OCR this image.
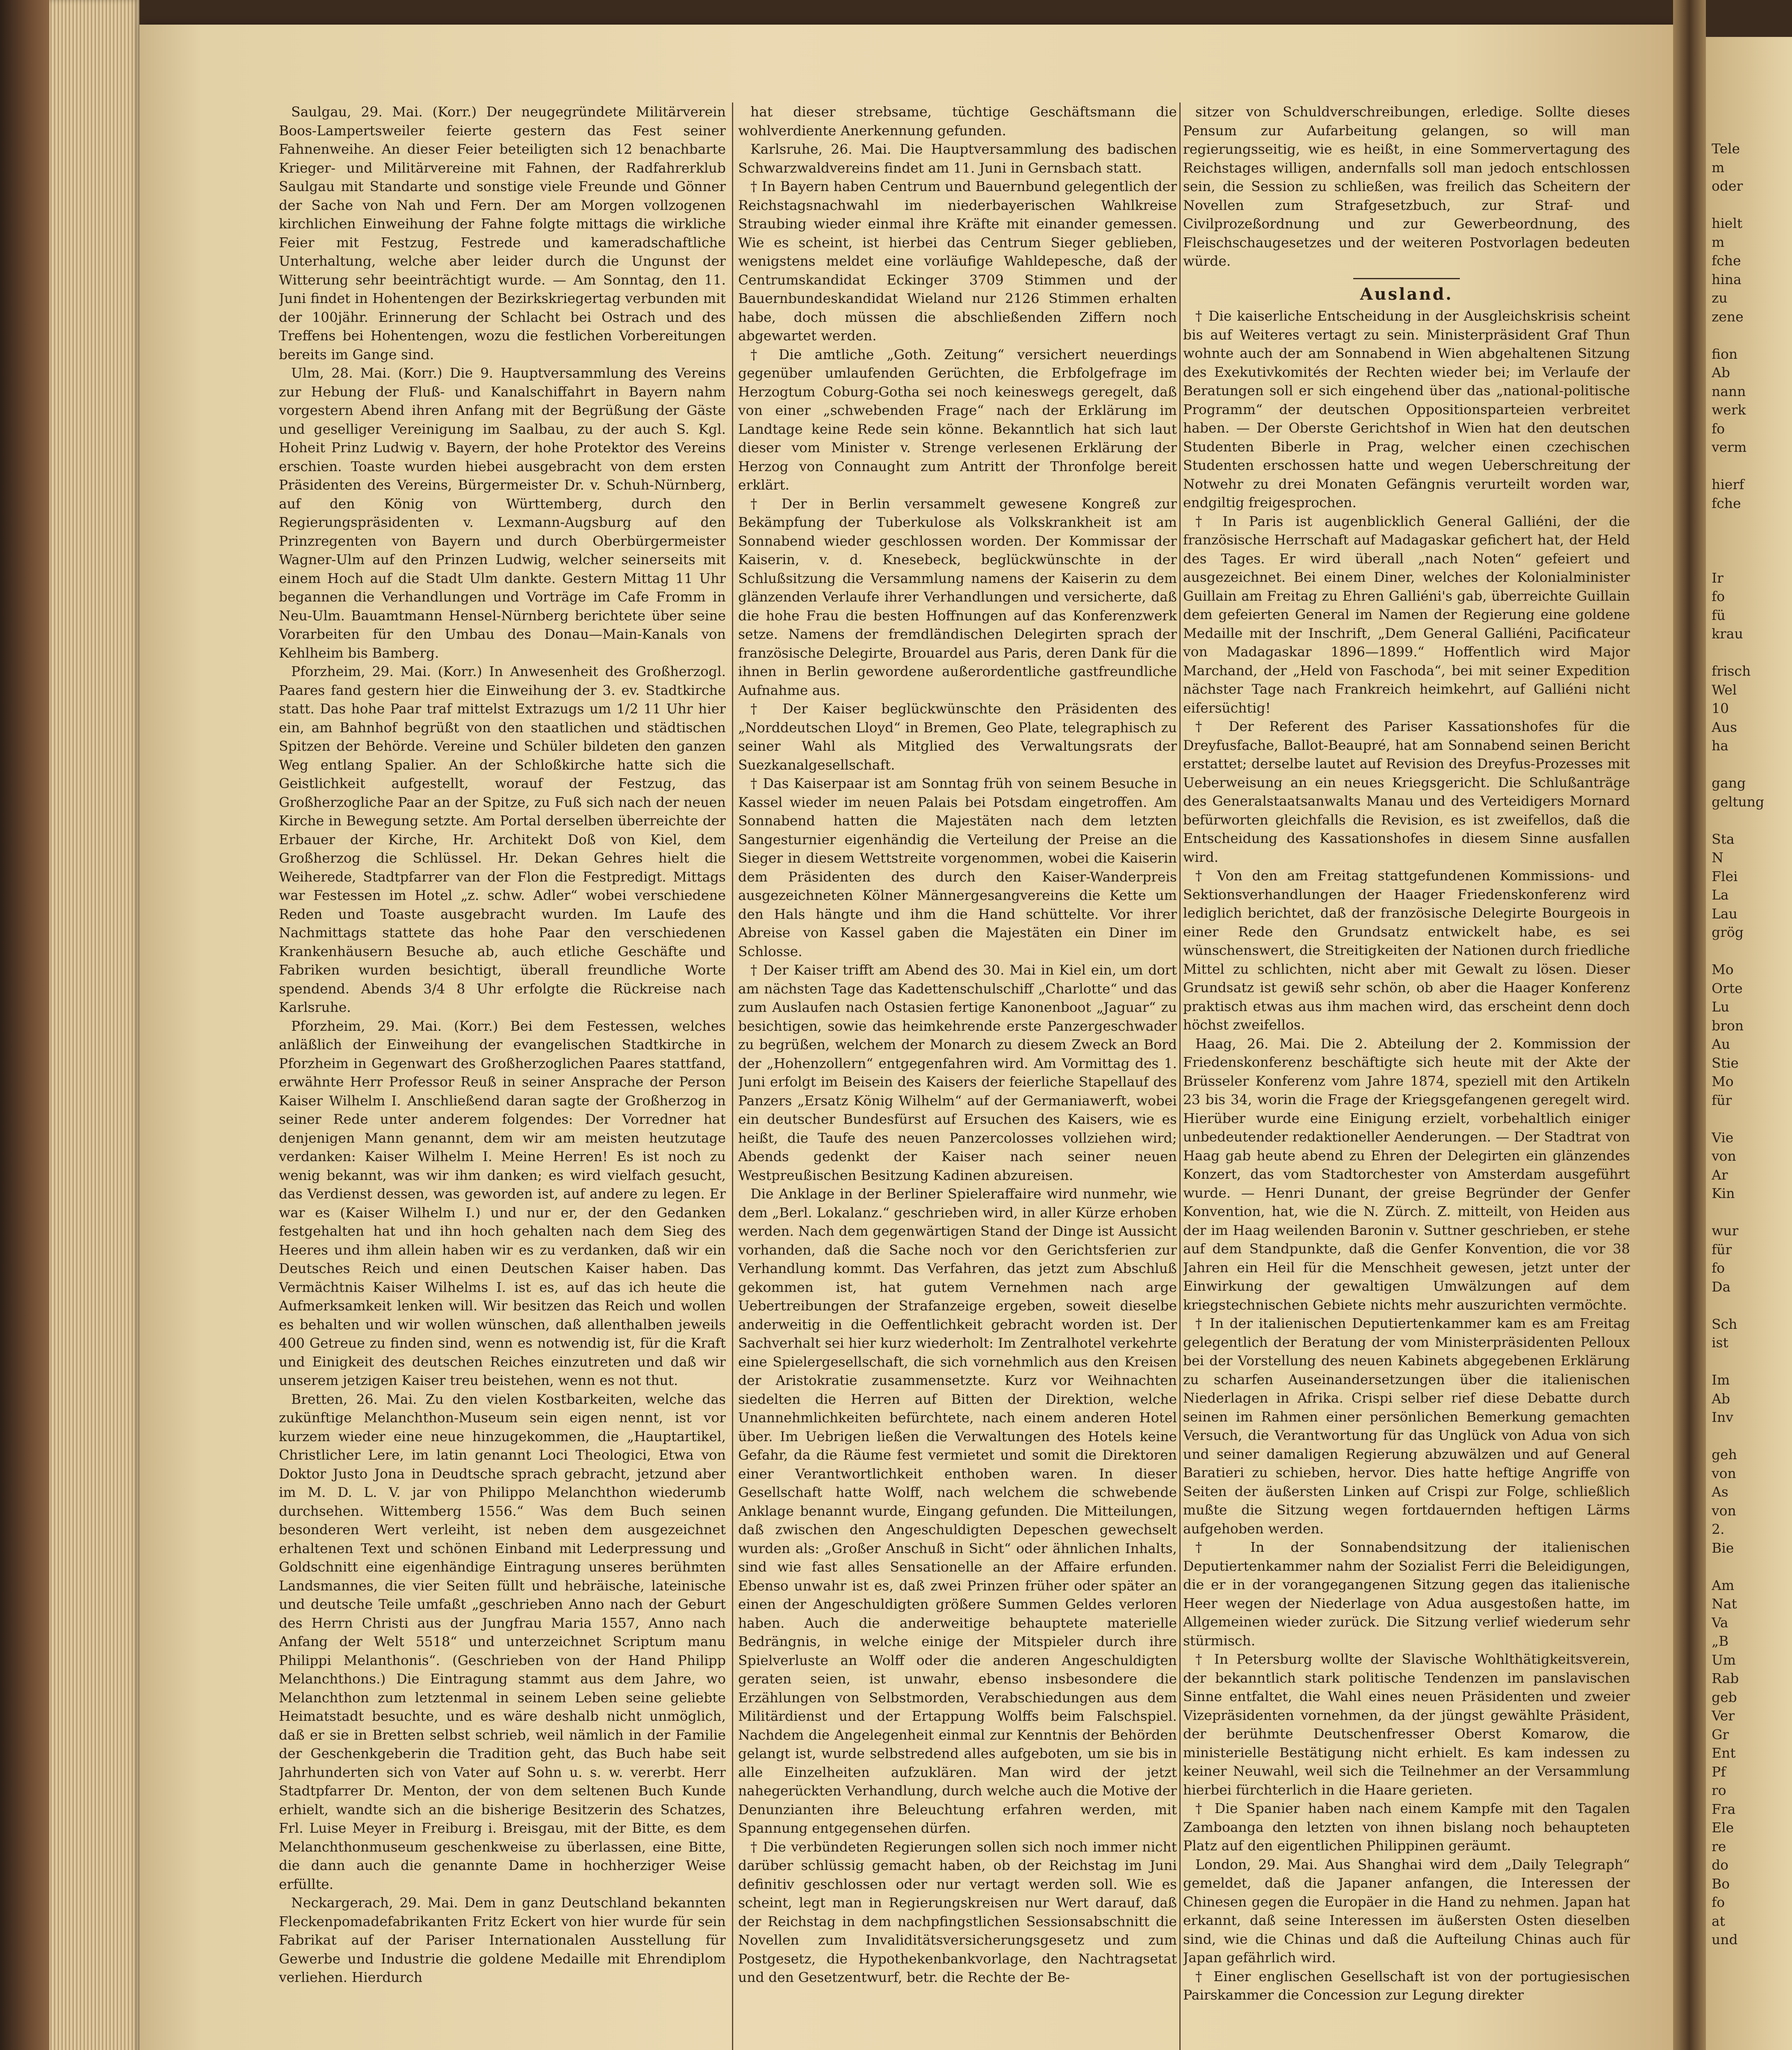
Saulgau, 29. Mai. (Korr.) Der neugegründete Militärverein Boos-Lampertsweiler feierte gestern das Fest seiner Fahnenweihe. An dieser Feier beteiligten sich 12 benachbarte Krieger- und Militärvereine mit Fahnen, der Radfahrerklub Saulgau mit Standarte und sonstige viele Freunde und Gönner der Sache von Nah und Fern. Der am Morgen vollzogenen kirchlichen Einweihung der Fahne folgte mittags die wirkliche Feier mit Festzug, Festrede und kameradschaftliche Unterhaltung, welche aber leider durch die Ungunst der Witterung sehr beeinträchtigt wurde. — Am Sonntag, den 11. Juni findet in Hohentengen der Bezirkskriegertag verbunden mit der 100jähr. Erinnerung der Schlacht bei Ostrach und des Treffens bei Hohentengen, wozu die festlichen Vorbereitungen bereits im Gange sind.

Ulm, 28. Mai. (Korr.) Die 9. Hauptversammlung des Vereins zur Hebung der Fluß- und Kanalschiffahrt in Bayern nahm vorgestern Abend ihren Anfang mit der Begrüßung der Gäste und geselliger Vereinigung im Saalbau, zu der auch S. Kgl. Hoheit Prinz Ludwig v. Bayern, der hohe Protektor des Vereins erschien. Toaste wurden hiebei ausgebracht von dem ersten Präsidenten des Vereins, Bürgermeister Dr. v. Schuh-Nürnberg, auf den König von Württemberg, durch den Regierungspräsidenten v. Lexmann-Augsburg auf den Prinzregenten von Bayern und durch Oberbürgermeister Wagner-Ulm auf den Prinzen Ludwig, welcher seinerseits mit einem Hoch auf die Stadt Ulm dankte. Gestern Mittag 11 Uhr begannen die Verhandlungen und Vorträge im Cafe Fromm in Neu-Ulm. Bauamtmann Hensel-Nürnberg berichtete über seine Vorarbeiten für den Umbau des Donau—Main-Kanals von Kehlheim bis Bamberg.

Pforzheim, 29. Mai. (Korr.) In Anwesenheit des Großherzogl. Paares fand gestern hier die Einweihung der 3. ev. Stadtkirche statt. Das hohe Paar traf mittelst Extrazugs um 1/2 11 Uhr hier ein, am Bahnhof begrüßt von den staatlichen und städtischen Spitzen der Behörde. Vereine und Schüler bildeten den ganzen Weg entlang Spalier. An der Schloßkirche hatte sich die Geistlichkeit aufgestellt, worauf der Festzug, das Großherzogliche Paar an der Spitze, zu Fuß sich nach der neuen Kirche in Bewegung setzte. Am Portal derselben überreichte der Erbauer der Kirche, Hr. Architekt Doß von Kiel, dem Großherzog die Schlüssel. Hr. Dekan Gehres hielt die Weiherede, Stadtpfarrer van der Flon die Festpredigt. Mittags war Festessen im Hotel „z. schw. Adler“ wobei verschiedene Reden und Toaste ausgebracht wurden. Im Laufe des Nachmittags stattete das hohe Paar den verschiedenen Krankenhäusern Besuche ab, auch etliche Geschäfte und Fabriken wurden besichtigt, überall freundliche Worte spendend. Abends 3/4 8 Uhr erfolgte die Rückreise nach Karlsruhe.

Pforzheim, 29. Mai. (Korr.) Bei dem Festessen, welches anläßlich der Einweihung der evangelischen Stadtkirche in Pforzheim in Gegenwart des Großherzoglichen Paares stattfand, erwähnte Herr Professor Reuß in seiner Ansprache der Person Kaiser Wilhelm I. Anschließend daran sagte der Großherzog in seiner Rede unter anderem folgendes: Der Vorredner hat denjenigen Mann genannt, dem wir am meisten heutzutage verdanken: Kaiser Wilhelm I. Meine Herren! Es ist noch zu wenig bekannt, was wir ihm danken; es wird vielfach gesucht, das Verdienst dessen, was geworden ist, auf andere zu legen. Er war es (Kaiser Wilhelm I.) und nur er, der den Gedanken festgehalten hat und ihn hoch gehalten nach dem Sieg des Heeres und ihm allein haben wir es zu verdanken, daß wir ein Deutsches Reich und einen Deutschen Kaiser haben. Das Vermächtnis Kaiser Wilhelms I. ist es, auf das ich heute die Aufmerksamkeit lenken will. Wir besitzen das Reich und wollen es behalten und wir wollen wünschen, daß allenthalben jeweils 400 Getreue zu finden sind, wenn es notwendig ist, für die Kraft und Einigkeit des deutschen Reiches einzutreten und daß wir unserem jetzigen Kaiser treu beistehen, wenn es not thut.

Bretten, 26. Mai. Zu den vielen Kostbarkeiten, welche das zukünftige Melanchthon-Museum sein eigen nennt, ist vor kurzem wieder eine neue hinzugekommen, die „Hauptartikel, Christlicher Lere, im latin genannt Loci Theologici, Etwa von Doktor Justo Jona in Deudtsche sprach gebracht, jetzund aber im M. D. L. V. jar von Philippo Melanchthon wiederumb durchsehen. Wittemberg 1556.“ Was dem Buch seinen besonderen Wert verleiht, ist neben dem ausgezeichnet erhaltenen Text und schönen Einband mit Lederpressung und Goldschnitt eine eigenhändige Eintragung unseres berühmten Landsmannes, die vier Seiten füllt und hebräische, lateinische und deutsche Teile umfaßt „geschrieben Anno nach der Geburt des Herrn Christi aus der Jungfrau Maria 1557, Anno nach Anfang der Welt 5518“ und unterzeichnet Scriptum manu Philippi Melanthonis“. (Geschrieben von der Hand Philipp Melanchthons.) Die Eintragung stammt aus dem Jahre, wo Melanchthon zum letztenmal in seinem Leben seine geliebte Heimatstadt besuchte, und es wäre deshalb nicht unmöglich, daß er sie in Bretten selbst schrieb, weil nämlich in der Familie der Geschenkgeberin die Tradition geht, das Buch habe seit Jahrhunderten sich von Vater auf Sohn u. s. w. vererbt. Herr Stadtpfarrer Dr. Menton, der von dem seltenen Buch Kunde erhielt, wandte sich an die bisherige Besitzerin des Schatzes, Frl. Luise Meyer in Freiburg i. Breisgau, mit der Bitte, es dem Melanchthonmuseum geschenkweise zu überlassen, eine Bitte, die dann auch die genannte Dame in hochherziger Weise erfüllte.

Neckargerach, 29. Mai. Dem in ganz Deutschland bekannten Fleckenpomadefabrikanten Fritz Eckert von hier wurde für sein Fabrikat auf der Pariser Internationalen Ausstellung für Gewerbe und Industrie die goldene Medaille mit Ehrendiplom verliehen. Hierdurch

hat dieser strebsame, tüchtige Geschäftsmann die wohlverdiente Anerkennung gefunden.

Karlsruhe, 26. Mai. Die Hauptversammlung des badischen Schwarzwaldvereins findet am 11. Juni in Gernsbach statt.

† In Bayern haben Centrum und Bauernbund gelegentlich der Reichstagsnachwahl im niederbayerischen Wahlkreise Straubing wieder einmal ihre Kräfte mit einander gemessen. Wie es scheint, ist hierbei das Centrum Sieger geblieben, wenigstens meldet eine vorläufige Wahldepesche, daß der Centrumskandidat Eckinger 3709 Stimmen und der Bauernbundeskandidat Wieland nur 2126 Stimmen erhalten habe, doch müssen die abschließenden Ziffern noch abgewartet werden.

† Die amtliche „Goth. Zeitung“ versichert neuerdings gegenüber umlaufenden Gerüchten, die Erbfolgefrage im Herzogtum Coburg-Gotha sei noch keineswegs geregelt, daß von einer „schwebenden Frage“ nach der Erklärung im Landtage keine Rede sein könne. Bekanntlich hat sich laut dieser vom Minister v. Strenge verlesenen Erklärung der Herzog von Connaught zum Antritt der Thronfolge bereit erklärt.

† Der in Berlin versammelt gewesene Kongreß zur Bekämpfung der Tuberkulose als Volkskrankheit ist am Sonnabend wieder geschlossen worden. Der Kommissar der Kaiserin, v. d. Knesebeck, beglückwünschte in der Schlußsitzung die Versammlung namens der Kaiserin zu dem glänzenden Verlaufe ihrer Verhandlungen und versicherte, daß die hohe Frau die besten Hoffnungen auf das Konferenzwerk setze. Namens der fremdländischen Delegirten sprach der französische Delegirte, Brouardel aus Paris, deren Dank für die ihnen in Berlin gewordene außerordentliche gastfreundliche Aufnahme aus.

† Der Kaiser beglückwünschte den Präsidenten des „Norddeutschen Lloyd“ in Bremen, Geo Plate, telegraphisch zu seiner Wahl als Mitglied des Verwaltungsrats der Suezkanalgesellschaft.

† Das Kaiserpaar ist am Sonntag früh von seinem Besuche in Kassel wieder im neuen Palais bei Potsdam eingetroffen. Am Sonnabend hatten die Majestäten nach dem letzten Sangesturnier eigenhändig die Verteilung der Preise an die Sieger in diesem Wettstreite vorgenommen, wobei die Kaiserin dem Präsidenten des durch den Kaiser-Wanderpreis ausgezeichneten Kölner Männergesangvereins die Kette um den Hals hängte und ihm die Hand schüttelte. Vor ihrer Abreise von Kassel gaben die Majestäten ein Diner im Schlosse.

† Der Kaiser trifft am Abend des 30. Mai in Kiel ein, um dort am nächsten Tage das Kadettenschulschiff „Charlotte“ und das zum Auslaufen nach Ostasien fertige Kanonenboot „Jaguar“ zu besichtigen, sowie das heimkehrende erste Panzergeschwader zu begrüßen, welchem der Monarch zu diesem Zweck an Bord der „Hohenzollern“ entgegenfahren wird. Am Vormittag des 1. Juni erfolgt im Beisein des Kaisers der feierliche Stapellauf des Panzers „Ersatz König Wilhelm“ auf der Germaniawerft, wobei ein deutscher Bundesfürst auf Ersuchen des Kaisers, wie es heißt, die Taufe des neuen Panzercolosses vollziehen wird; Abends gedenkt der Kaiser nach seiner neuen Westpreußischen Besitzung Kadinen abzureisen.

Die Anklage in der Berliner Spieleraffaire wird nunmehr, wie dem „Berl. Lokalanz.“ geschrieben wird, in aller Kürze erhoben werden. Nach dem gegenwärtigen Stand der Dinge ist Aussicht vorhanden, daß die Sache noch vor den Gerichtsferien zur Verhandlung kommt. Das Verfahren, das jetzt zum Abschluß gekommen ist, hat gutem Vernehmen nach arge Uebertreibungen der Strafanzeige ergeben, soweit dieselbe anderweitig in die Oeffentlichkeit gebracht worden ist. Der Sachverhalt sei hier kurz wiederholt: Im Zentralhotel verkehrte eine Spielergesellschaft, die sich vornehmlich aus den Kreisen der Aristokratie zusammensetzte. Kurz vor Weihnachten siedelten die Herren auf Bitten der Direktion, welche Unannehmlichkeiten befürchtete, nach einem anderen Hotel über. Im Uebrigen ließen die Verwaltungen des Hotels keine Gefahr, da die Räume fest vermietet und somit die Direktoren einer Verantwortlichkeit enthoben waren. In dieser Gesellschaft hatte Wolff, nach welchem die schwebende Anklage benannt wurde, Eingang gefunden. Die Mitteilungen, daß zwischen den Angeschuldigten Depeschen gewechselt wurden als: „Großer Anschuß in Sicht“ oder ähnlichen Inhalts, sind wie fast alles Sensationelle an der Affaire erfunden. Ebenso unwahr ist es, daß zwei Prinzen früher oder später an einen der Angeschuldigten größere Summen Geldes verloren haben. Auch die anderweitige behauptete materielle Bedrängnis, in welche einige der Mitspieler durch ihre Spielverluste an Wolff oder die anderen Angeschuldigten geraten seien, ist unwahr, ebenso insbesondere die Erzählungen von Selbstmorden, Verabschiedungen aus dem Militärdienst und der Ertappung Wolffs beim Falschspiel. Nachdem die Angelegenheit einmal zur Kenntnis der Behörden gelangt ist, wurde selbstredend alles aufgeboten, um sie bis in alle Einzelheiten aufzuklären. Man wird der jetzt nahegerückten Verhandlung, durch welche auch die Motive der Denunzianten ihre Beleuchtung erfahren werden, mit Spannung entgegensehen dürfen.

† Die verbündeten Regierungen sollen sich noch immer nicht darüber schlüssig gemacht haben, ob der Reichstag im Juni definitiv geschlossen oder nur vertagt werden soll. Wie es scheint, legt man in Regierungskreisen nur Wert darauf, daß der Reichstag in dem nachpfingstlichen Sessionsabschnitt die Novellen zum Invaliditätsversicherungsgesetz und zum Postgesetz, die Hypothekenbankvorlage, den Nachtragsetat und den Gesetzentwurf, betr. die Rechte der Be-

sitzer von Schuldverschreibungen, erledige. Sollte dieses Pensum zur Aufarbeitung gelangen, so will man regierungsseitig, wie es heißt, in eine Sommervertagung des Reichstages willigen, andernfalls soll man jedoch entschlossen sein, die Session zu schließen, was freilich das Scheitern der Novellen zum Strafgesetzbuch, zur Straf- und Civilprozeßordnung und zur Gewerbeordnung, des Fleischschaugesetzes und der weiteren Postvorlagen bedeuten würde.

Ausland.

† Die kaiserliche Entscheidung in der Ausgleichskrisis scheint bis auf Weiteres vertagt zu sein. Ministerpräsident Graf Thun wohnte auch der am Sonnabend in Wien abgehaltenen Sitzung des Exekutivkomités der Rechten wieder bei; im Verlaufe der Beratungen soll er sich eingehend über das „national-politische Programm“ der deutschen Oppositionsparteien verbreitet haben. — Der Oberste Gerichtshof in Wien hat den deutschen Studenten Biberle in Prag, welcher einen czechischen Studenten erschossen hatte und wegen Ueberschreitung der Notwehr zu drei Monaten Gefängnis verurteilt worden war, endgiltig freigesprochen.

† In Paris ist augenblicklich General Galliéni, der die französische Herrschaft auf Madagaskar gefichert hat, der Held des Tages. Er wird überall „nach Noten“ gefeiert und ausgezeichnet. Bei einem Diner, welches der Kolonialminister Guillain am Freitag zu Ehren Galliéni's gab, überreichte Guillain dem gefeierten General im Namen der Regierung eine goldene Medaille mit der Inschrift, „Dem General Galliéni, Pacificateur von Madagaskar 1896—1899.“ Hoffentlich wird Major Marchand, der „Held von Faschoda“, bei mit seiner Expedition nächster Tage nach Frankreich heimkehrt, auf Galliéni nicht eifersüchtig!

† Der Referent des Pariser Kassationshofes für die Dreyfusfache, Ballot-Beaupré, hat am Sonnabend seinen Bericht erstattet; derselbe lautet auf Revision des Dreyfus-Prozesses mit Ueberweisung an ein neues Kriegsgericht. Die Schlußanträge des Generalstaatsanwalts Manau und des Verteidigers Mornard befürworten gleichfalls die Revision, es ist zweifellos, daß die Entscheidung des Kassationshofes in diesem Sinne ausfallen wird.

† Von den am Freitag stattgefundenen Kommissions- und Sektionsverhandlungen der Haager Friedenskonferenz wird lediglich berichtet, daß der französische Delegirte Bourgeois in einer Rede den Grundsatz entwickelt habe, es sei wünschenswert, die Streitigkeiten der Nationen durch friedliche Mittel zu schlichten, nicht aber mit Gewalt zu lösen. Dieser Grundsatz ist gewiß sehr schön, ob aber die Haager Konferenz praktisch etwas aus ihm machen wird, das erscheint denn doch höchst zweifellos.

Haag, 26. Mai. Die 2. Abteilung der 2. Kommission der Friedenskonferenz beschäftigte sich heute mit der Akte der Brüsseler Konferenz vom Jahre 1874, speziell mit den Artikeln 23 bis 34, worin die Frage der Kriegsgefangenen geregelt wird. Hierüber wurde eine Einigung erzielt, vorbehaltlich einiger unbedeutender redaktioneller Aenderungen. — Der Stadtrat von Haag gab heute abend zu Ehren der Delegirten ein glänzendes Konzert, das vom Stadtorchester von Amsterdam ausgeführt wurde. — Henri Dunant, der greise Begründer der Genfer Konvention, hat, wie die N. Zürch. Z. mitteilt, von Heiden aus der im Haag weilenden Baronin v. Suttner geschrieben, er stehe auf dem Standpunkte, daß die Genfer Konvention, die vor 38 Jahren ein Heil für die Menschheit gewesen, jetzt unter der Einwirkung der gewaltigen Umwälzungen auf dem kriegstechnischen Gebiete nichts mehr auszurichten vermöchte.

† In der italienischen Deputiertenkammer kam es am Freitag gelegentlich der Beratung der vom Ministerpräsidenten Pelloux bei der Vorstellung des neuen Kabinets abgegebenen Erklärung zu scharfen Auseinandersetzungen über die italienischen Niederlagen in Afrika. Crispi selber rief diese Debatte durch seinen im Rahmen einer persönlichen Bemerkung gemachten Versuch, die Verantwortung für das Unglück von Adua von sich und seiner damaligen Regierung abzuwälzen und auf General Baratieri zu schieben, hervor. Dies hatte heftige Angriffe von Seiten der äußersten Linken auf Crispi zur Folge, schließlich mußte die Sitzung wegen fortdauernden heftigen Lärms aufgehoben werden.

† In der Sonnabendsitzung der italienischen Deputiertenkammer nahm der Sozialist Ferri die Beleidigungen, die er in der vorangegangenen Sitzung gegen das italienische Heer wegen der Niederlage von Adua ausgestoßen hatte, im Allgemeinen wieder zurück. Die Sitzung verlief wiederum sehr stürmisch.

† In Petersburg wollte der Slavische Wohlthätigkeitsverein, der bekanntlich stark politische Tendenzen im panslavischen Sinne entfaltet, die Wahl eines neuen Präsidenten und zweier Vizepräsidenten vornehmen, da der jüngst gewählte Präsident, der berühmte Deutschenfresser Oberst Komarow, die ministerielle Bestätigung nicht erhielt. Es kam indessen zu keiner Neuwahl, weil sich die Teilnehmer an der Versammlung hierbei fürchterlich in die Haare gerieten.

† Die Spanier haben nach einem Kampfe mit den Tagalen Zamboanga den letzten von ihnen bislang noch behaupteten Platz auf den eigentlichen Philippinen geräumt.

London, 29. Mai. Aus Shanghai wird dem „Daily Telegraph“ gemeldet, daß die Japaner anfangen, die Interessen der Chinesen gegen die Europäer in die Hand zu nehmen. Japan hat erkannt, daß seine Interessen im äußersten Osten dieselben sind, wie die Chinas und daß die Aufteilung Chinas auch für Japan gefährlich wird.

† Einer englischen Gesellschaft ist von der portugiesischen Pairskammer die Concession zur Legung direkter

Tele

m

oder

hielt

m

fche

hina

zu

zene

fion

Ab

nann

werk

fo

verm

hierf

fche

Ir

fo

fü

krau

frisch

Wel

10

Aus

ha

gang

geltung

Sta

N

Flei

La

Lau

grög

Mo

Orte

Lu

bron

Au

Stie

Mo

für

Vie

von

Ar

Kin

wur

für

fo

Da

Sch

ist

Im

Ab

Inv

geh

von

As

von

2.

Bie

Am

Nat

Va

„B

Um

Rab

geb

Ver

Gr

Ent

Pf

ro

Fra

Ele

re

do

Bo

fo

at

und
